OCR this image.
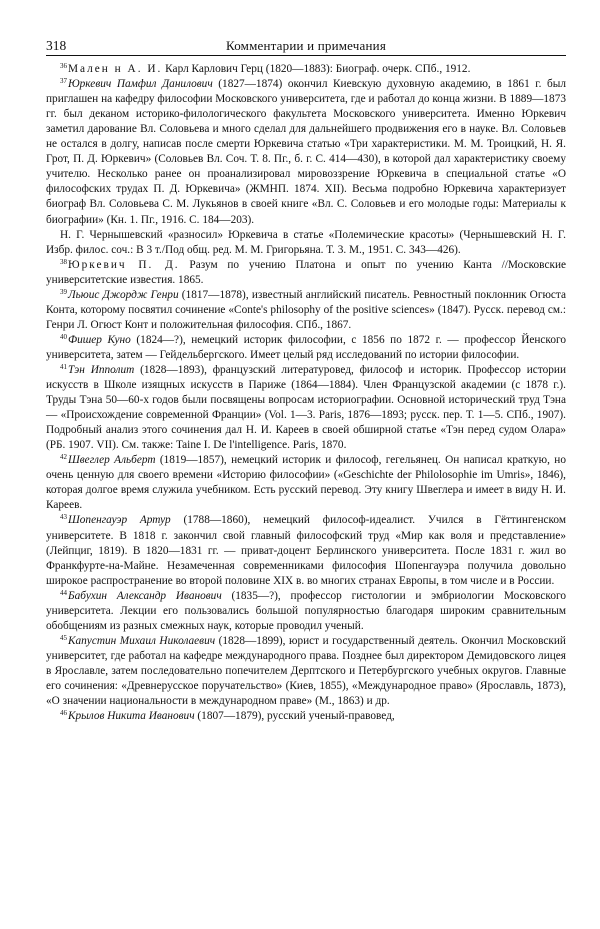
318	Комментарии и примечания

$^{36}$Мален н А. И. Карл Карлович Герц (1820—1883): Биограф. очерк. СПб., 1912.

$^{37}$Юркевич Памфил Данилович (1827—1874) окончил Киевскую духовную академию, в 1861 г. был приглашен на кафедру философии Московского университета, где и работал до конца жизни. В 1889—1873 гг. был деканом историко-филологического факультета Московского университета. Именно Юркевич заметил дарование Вл. Соловьева и много сделал для дальнейшего продвижения его в науке. Вл. Соловьев не остался в долгу, написав после смерти Юркевича статью «Три характеристики. М. М. Троицкий, Н. Я. Грот, П. Д. Юркевич» (Соловьев Вл. Соч. Т. 8. Пг., б. г. С. 414—430), в которой дал характеристику своему учителю. Несколько ранее он проанализировал мировоззрение Юркевича в специальной статье «О философских трудах П. Д. Юркевича» (ЖМНП. 1874. XII). Весьма подробно Юркевича характеризует биограф Вл. Соловьева С. М. Лукьянов в своей книге «Вл. С. Соловьев и его молодые годы: Материалы к биографии» (Кн. 1. Пг., 1916. С. 184—203).

Н. Г. Чернышевский «разносил» Юркевича в статье «Полемические красоты» (Чернышевский Н. Г. Избр. филос. соч.: В 3 т./Под общ. ред. М. М. Григорьяна. Т. 3. М., 1951. С. 343—426).

$^{38}$Юркевич П. Д. Разум по учению Платона и опыт по учению Канта //Московские университетские известия. 1865.

$^{39}$Льюис Джордж Генри (1817—1878), известный английский писатель. Ревностный поклонник Огюста Конта, которому посвятил сочинение «Conte's philosophy of the positive sciences» (1847). Русск. перевод см.: Генри Л. Огюст Конт и положительная философия. СПб., 1867.

$^{40}$Фишер Куно (1824—?), немецкий историк философии, с 1856 по 1872 г. — профессор Йенского университета, затем — Гейдельбергского. Имеет целый ряд исследований по истории философии.

$^{41}$Тэн Ипполит (1828—1893), французский литературовед, философ и историк. Профессор истории искусств в Школе изящных искусств в Париже (1864—1884). Член Французской академии (с 1878 г.). Труды Тэна 50—60-х годов были посвящены вопросам историографии. Основной исторический труд Тэна — «Происхождение современной Франции» (Vol. 1—3. Paris, 1876—1893; русск. пер. Т. 1—5. СПб., 1907). Подробный анализ этого сочинения дал Н. И. Кареев в своей обширной статье «Тэн перед судом Олара» (РБ. 1907. VII). См. также: Taine I. De l'intelligence. Paris, 1870.

$^{42}$Швеглер Альберт (1819—1857), немецкий историк и философ, гегельянец. Он написал краткую, но очень ценную для своего времени «Историю философии» («Geschichte der Philolosophie im Umris», 1846), которая долгое время служила учебником. Есть русский перевод. Эту книгу Швеглера и имеет в виду Н. И. Кареев.

$^{43}$Шопенгауэр Артур (1788—1860), немецкий философ-идеалист. Учился в Гёттингенском университете. В 1818 г. закончил свой главный философский труд «Мир как воля и представление» (Лейпциг, 1819). В 1820—1831 гг. — приват-доцент Берлинского университета. После 1831 г. жил во Франкфурте-на-Майне. Незамеченная современниками философия Шопенгауэра получила довольно широкое распространение во второй половине XIX в. во многих странах Европы, в том числе и в России.

$^{44}$Бабухин Александр Иванович (1835—?), профессор гистологии и эмбриологии Московского университета. Лекции его пользовались большой популярностью благодаря широким сравнительным обобщениям из разных смежных наук, которые проводил ученый.

$^{45}$Капустин Михаил Николаевич (1828—1899), юрист и государственный деятель. Окончил Московский университет, где работал на кафедре международного права. Позднее был директором Демидовского лицея в Ярославле, затем последовательно попечителем Дерптского и Петербургского учебных округов. Главные его сочинения: «Древнерусское поручательство» (Киев, 1855), «Международное право» (Ярославль, 1873), «О значении национальности в международном праве» (М., 1863) и др.

$^{46}$Крылов Никита Иванович (1807—1879), русский ученый-правовед,
